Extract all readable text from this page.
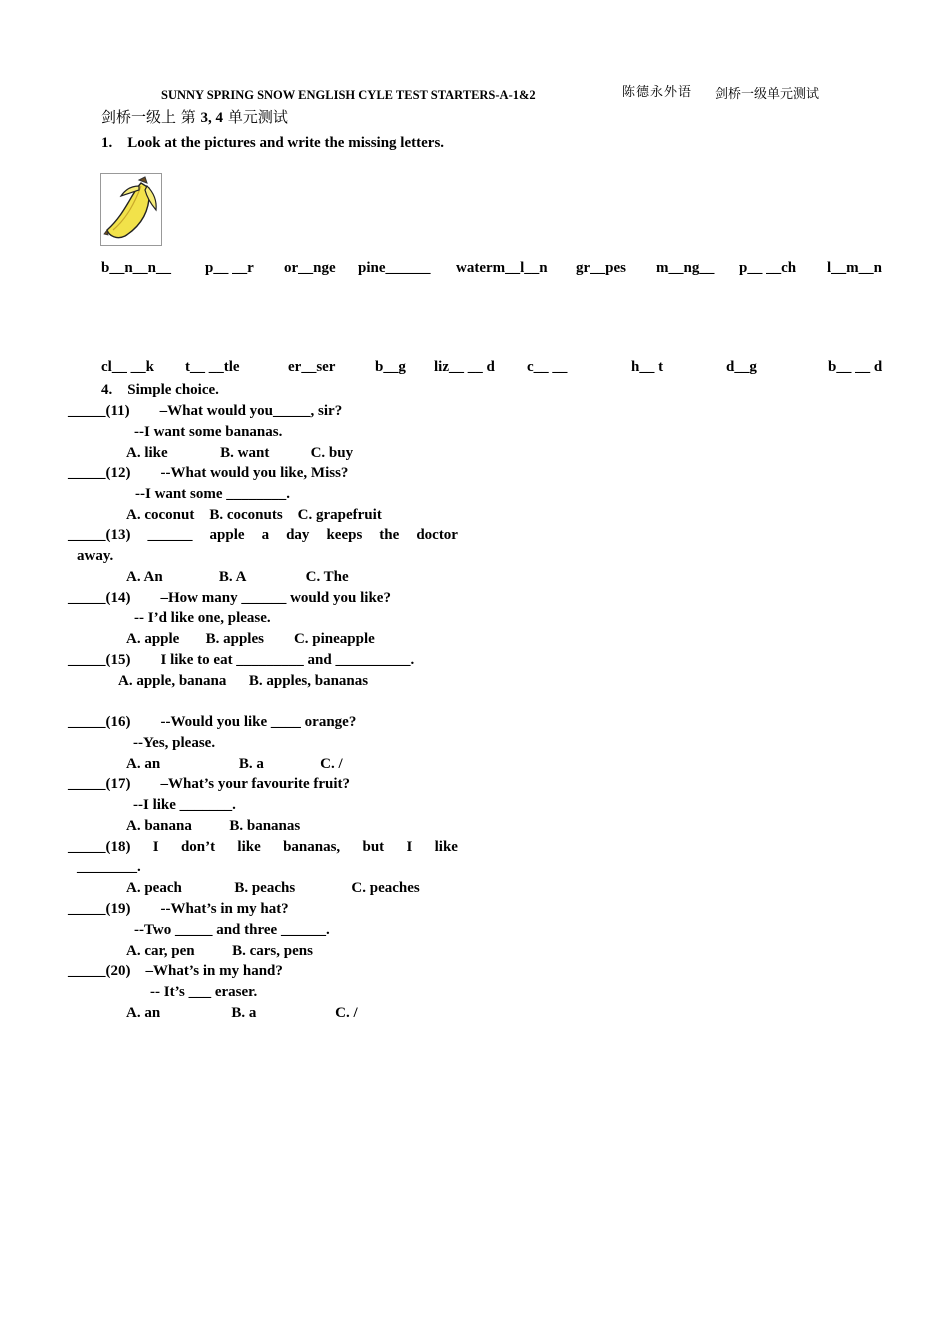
SUNNY SPRING SNOW ENGLISH CYLE TEST STARTERS-A-1&2	陈德永外语 剑桥一级单元测试
剑桥一级上 第 3, 4 单元测试
1.    Look at the pictures and write the missing letters.
b__n__n__ p__ __r or__nge pine______ waterm__l__n gr__pes m__ng__ p__ __ch l__m__n
cl__ __k t__ __tle	er__ser	b__g liz__ __ d c__ __	h__ t	d__g	b__ __ d
4.    Simple choice.
_____(11)        –What would you_____, sir?
--I want some bananas.
A. like              B. want           C. buy
_____(12)        --What would you like, Miss?
--I want some ________.
A. coconut    B. coconuts    C. grapefruit
_____(13) ______ apple a day keeps the doctor
away.
A. An               B. A                C. The
_____(14)        –How many ______ would you like?
-- I’d like one, please.
A. apple       B. apples        C. pineapple
_____(15)        I like to eat _________ and __________.
A. apple, banana      B. apples, bananas
_____(16)        --Would you like ____ orange?
--Yes, please.
A. an                     B. a               C. /
_____(17)        –What’s your favourite fruit?
--I like _______.
A. banana          B. bananas
_____(18) I don’t like bananas, but I like
________.
A. peach              B. peachs               C. peaches
_____(19)        --What’s in my hat?
--Two _____ and three ______.
A. car, pen          B. cars, pens
_____(20)    –What’s in my hand?
-- It’s ___ eraser.
A. an                   B. a                     C. /
